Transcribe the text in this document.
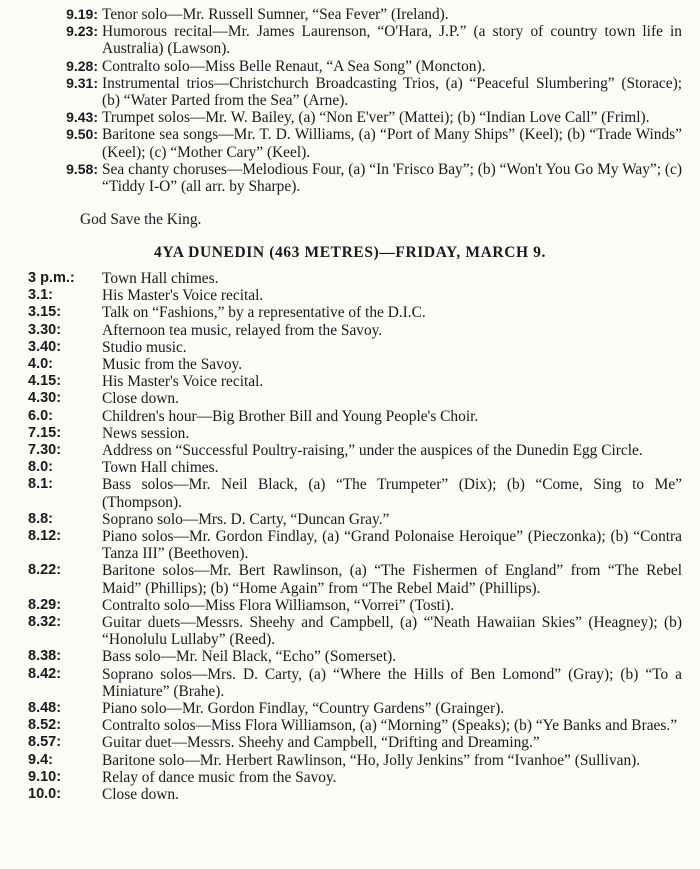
9.19: Tenor solo—Mr. Russell Sumner, “Sea Fever” (Ireland).
9.23: Humorous recital—Mr. James Laurenson, “O'Hara, J.P.” (a story of country town life in Australia) (Lawson).
9.28: Contralto solo—Miss Belle Renaut, “A Sea Song” (Moncton).
9.31: Instrumental trios—Christchurch Broadcasting Trios, (a) “Peaceful Slumbering” (Storace); (b) “Water Parted from the Sea” (Arne).
9.43: Trumpet solos—Mr. W. Bailey, (a) “Non E'ver” (Mattei); (b) “Indian Love Call” (Friml).
9.50: Baritone sea songs—Mr. T. D. Williams, (a) “Port of Many Ships” (Keel); (b) “Trade Winds” (Keel); (c) “Mother Cary” (Keel).
9.58: Sea chanty choruses—Melodious Four, (a) “In 'Frisco Bay”; (b) “Won't You Go My Way”; (c) “Tiddy I-O” (all arr. by Sharpe).
God Save the King.
4YA DUNEDIN (463 METRES)—FRIDAY, MARCH 9.
3 p.m.:	Town Hall chimes.
3.1:	His Master's Voice recital.
3.15:	Talk on “Fashions,” by a representative of the D.I.C.
3.30:	Afternoon tea music, relayed from the Savoy.
3.40:	Studio music.
4.0:	Music from the Savoy.
4.15:	His Master's Voice recital.
4.30:	Close down.
6.0:	Children's hour—Big Brother Bill and Young People's Choir.
7.15:	News session.
7.30:	Address on “Successful Poultry-raising,” under the auspices of the Dunedin Egg Circle.
8.0:	Town Hall chimes.
8.1:	Bass solos—Mr. Neil Black, (a) “The Trumpeter” (Dix); (b) “Come, Sing to Me” (Thompson).
8.8:	Soprano solo—Mrs. D. Carty, “Duncan Gray.”
8.12:	Piano solos—Mr. Gordon Findlay, (a) “Grand Polonaise Heroique” (Pieczonka); (b) “Contra Tanza III” (Beethoven).
8.22:	Baritone solos—Mr. Bert Rawlinson, (a) “The Fishermen of England” from “The Rebel Maid” (Phillips); (b) “Home Again” from “The Rebel Maid” (Phillips).
8.29:	Contralto solo—Miss Flora Williamson, “Vorrei” (Tosti).
8.32:	Guitar duets—Messrs. Sheehy and Campbell, (a) “'Neath Hawaiian Skies” (Heagney); (b) “Honolulu Lullaby” (Reed).
8.38:	Bass solo—Mr. Neil Black, “Echo” (Somerset).
8.42:	Soprano solos—Mrs. D. Carty, (a) “Where the Hills of Ben Lomond” (Gray); (b) “To a Miniature” (Brahe).
8.48:	Piano solo—Mr. Gordon Findlay, “Country Gardens” (Grainger).
8.52:	Contralto solos—Miss Flora Williamson, (a) “Morning” (Speaks); (b) “Ye Banks and Braes.”
8.57:	Guitar duet—Messrs. Sheehy and Campbell, “Drifting and Dreaming.”
9.4:	Baritone solo—Mr. Herbert Rawlinson, “Ho, Jolly Jenkins” from “Ivanhoe” (Sullivan).
9.10:	Relay of dance music from the Savoy.
10.0:	Close down.
